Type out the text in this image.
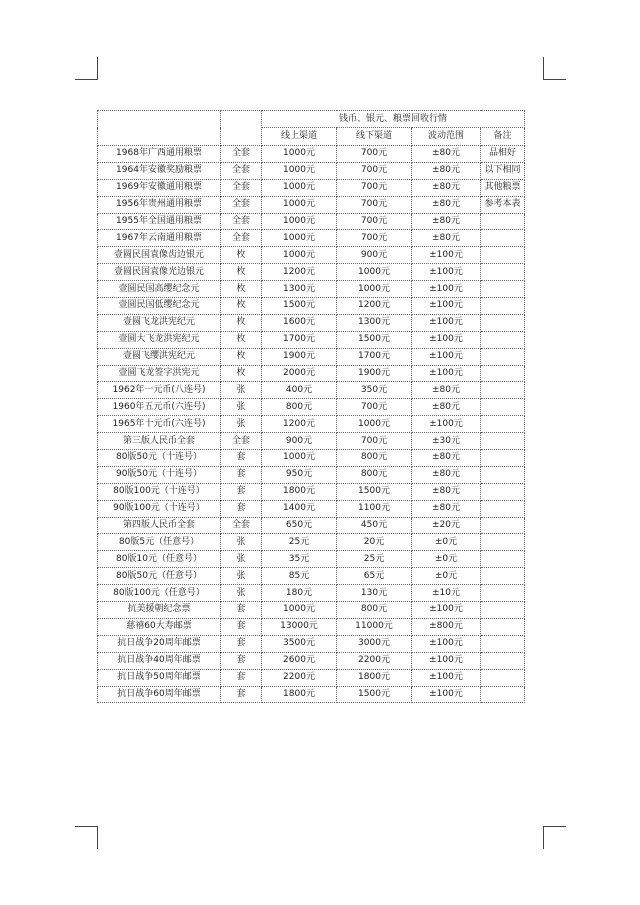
		钱币、银元、粮票回收行情			
		线上渠道	线下渠道	波动范围	备注
1968年广西通用粮票	全套	1000元	700元	±80元	品相好
1964年安徽奖励粮票	全套	1000元	700元	±80元	以下相同
1969年安徽通用粮票	全套	1000元	700元	±80元	其他粮票
1956年贵州通用粮票	全套	1000元	700元	±80元	参考本表
1955年全国通用粮票	全套	1000元	700元	±80元	
1967年云南通用粮票	全套	1000元	700元	±80元	
壹圆民国袁像齿边银元	枚	1000元	900元	±100元	
壹圆民国袁像光边银元	枚	1200元	1000元	±100元	
壹圆民国高缨纪念元	枚	1300元	1000元	±100元	
壹圆民国低缨纪念元	枚	1500元	1200元	±100元	
壹圆飞龙洪宪纪元	枚	1600元	1300元	±100元	
壹圆大飞龙洪宪纪元	枚	1700元	1500元	±100元	
壹圆飞缨洪宪纪元	枚	1900元	1700元	±100元	
壹圆飞龙签字洪宪元	枚	2000元	1900元	±100元	
1962年一元币(八连号)	张	400元	350元	±80元	
1960年五元币(六连号)	张	800元	700元	±80元	
1965年十元币(六连号)	张	1200元	1000元	±100元	
第三版人民币全套	全套	900元	700元	±30元	
80版50元（十连号）	套	1000元	800元	±80元	
90版50元（十连号）	套	950元	800元	±80元	
80版100元（十连号）	套	1800元	1500元	±80元	
90版100元（十连号）	套	1400元	1100元	±80元	
第四版人民币全套	全套	650元	450元	±20元	
80版5元（任意号）	张	25元	20元	±0元	
80版10元（任意号）	张	35元	25元	±0元	
80版50元（任意号）	张	85元	65元	±0元	
80版100元（任意号）	张	180元	130元	±10元	
抗美援朝纪念票	套	1000元	800元	±100元	
慈禧60大寿邮票	套	13000元	11000元	±800元	
抗日战争20周年邮票	套	3500元	3000元	±100元	
抗日战争40周年邮票	套	2600元	2200元	±100元	
抗日战争50周年邮票	套	2200元	1800元	±100元	
抗日战争60周年邮票	套	1800元	1500元	±100元	
